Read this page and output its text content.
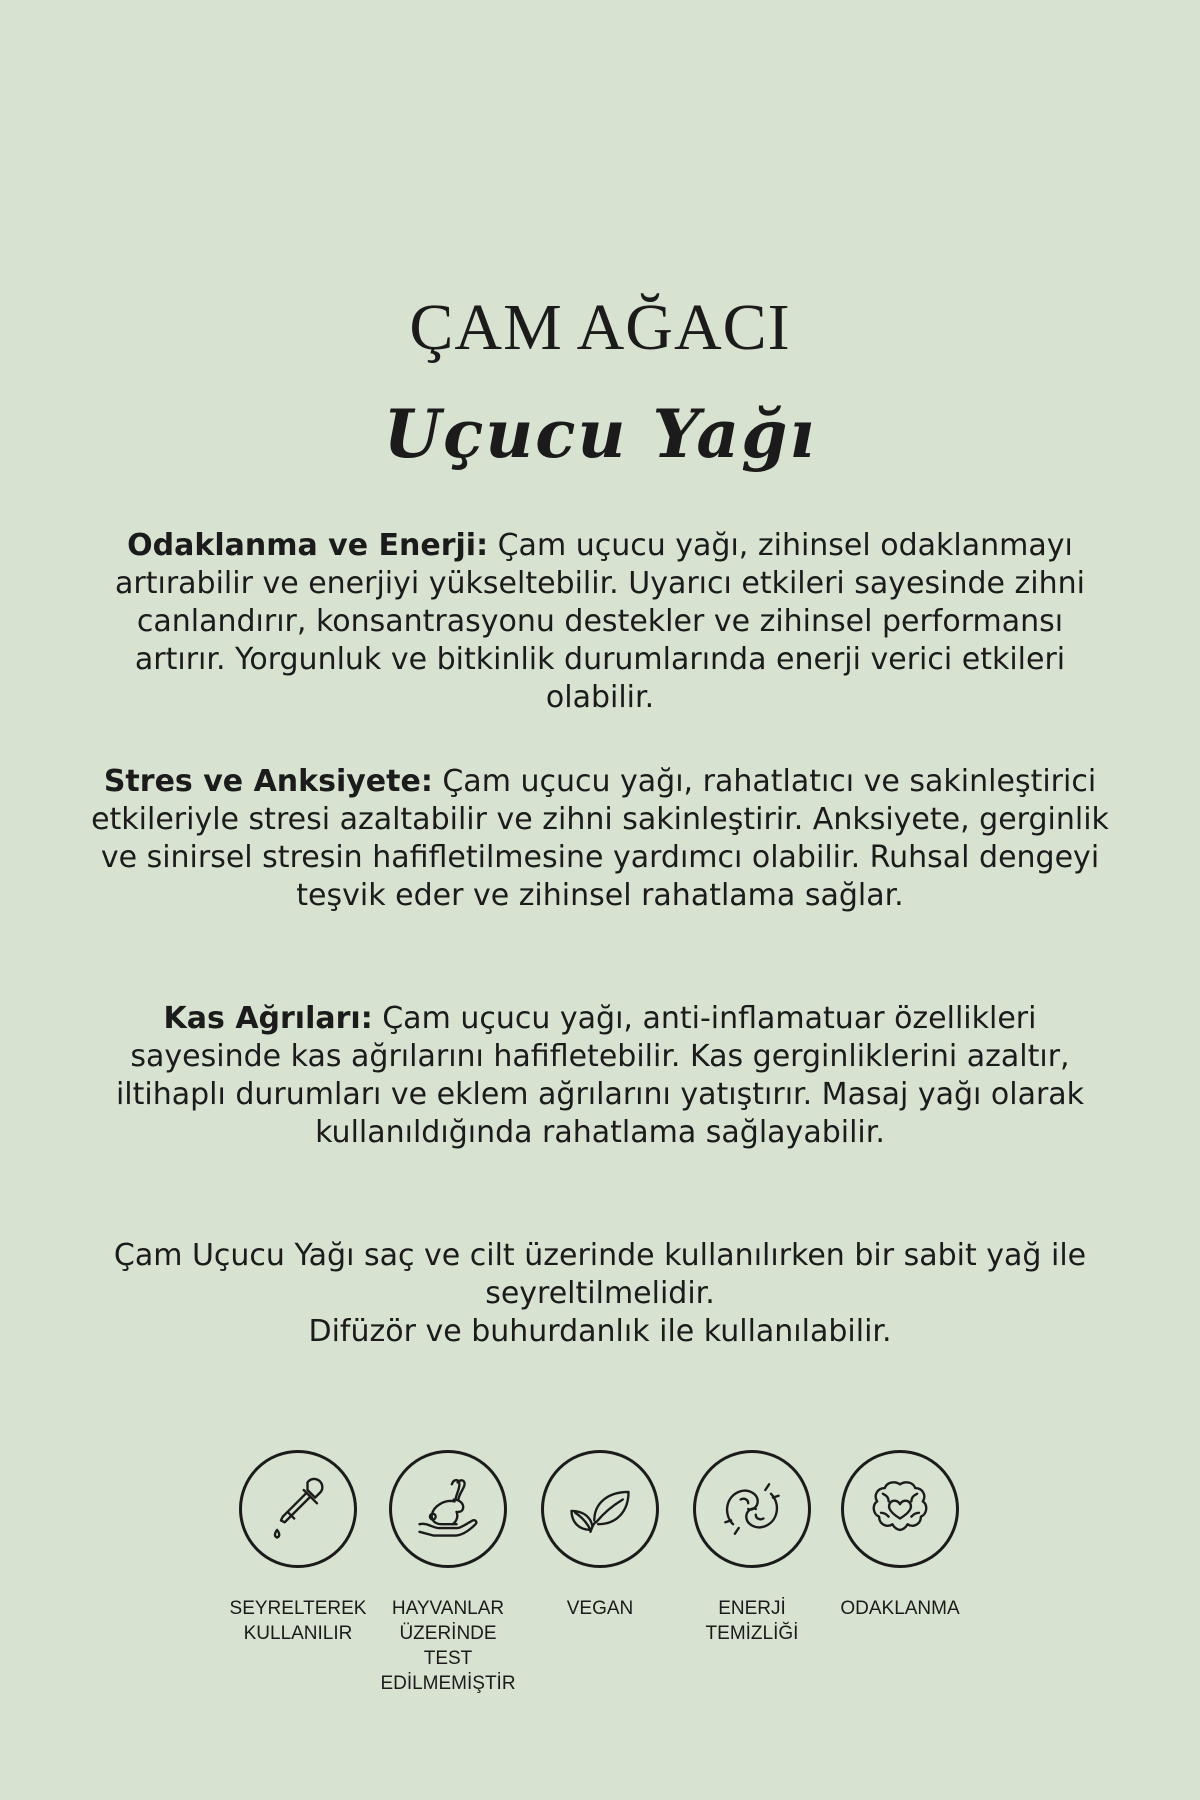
ÇAM AĞACI
Uçucu Yağı

Odaklanma ve Enerji: Çam uçucu yağı, zihinsel odaklanmayı artırabilir ve enerjiyi yükseltebilir. Uyarıcı etkileri sayesinde zihni canlandırır, konsantrasyonu destekler ve zihinsel performansı artırır. Yorgunluk ve bitkinlik durumlarında enerji verici etkileri olabilir.

Stres ve Anksiyete: Çam uçucu yağı, rahatlatıcı ve sakinleştirici etkileriyle stresi azaltabilir ve zihni sakinleştirir. Anksiyete, gerginlik ve sinirsel stresin hafifletilmesine yardımcı olabilir. Ruhsal dengeyi teşvik eder ve zihinsel rahatlama sağlar.

Kas Ağrıları: Çam uçucu yağı, anti-inflamatuar özellikleri sayesinde kas ağrılarını hafifletebilir. Kas gerginliklerini azaltır, iltihaplı durumları ve eklem ağrılarını yatıştırır. Masaj yağı olarak kullanıldığında rahatlama sağlayabilir.

Çam Uçucu Yağı saç ve cilt üzerinde kullanılırken bir sabit yağ ile seyreltilmelidir.
Difüzör ve buhurdanlık ile kullanılabilir.
SEYRELTEREK
KULLANILIR
HAYVANLAR
ÜZERİNDE TEST
EDİLMEMİŞTİR
VEGAN	ENERJİ
TEMİZLİĞİ
ODAKLANMA
